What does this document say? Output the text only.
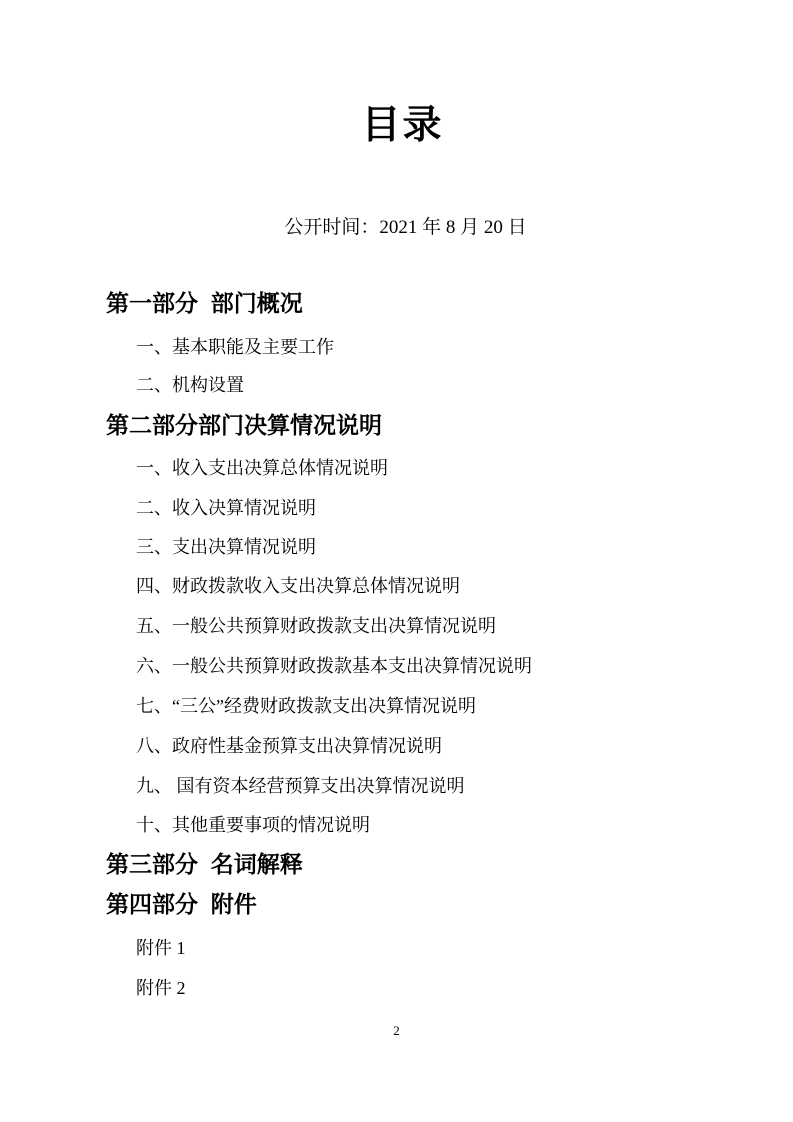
目录
公开时间：2021 年 8 月 20 日
第一部分  部门概况
一、基本职能及主要工作
二、机构设置
第二部分部门决算情况说明
一、收入支出决算总体情况说明
二、收入决算情况说明
三、支出决算情况说明
四、财政拨款收入支出决算总体情况说明
五、一般公共预算财政拨款支出决算情况说明
六、一般公共预算财政拨款基本支出决算情况说明
七、“三公”经费财政拨款支出决算情况说明
八、政府性基金预算支出决算情况说明
九、 国有资本经营预算支出决算情况说明
十、其他重要事项的情况说明
第三部分  名词解释
第四部分  附件
附件 1
附件 2
2
